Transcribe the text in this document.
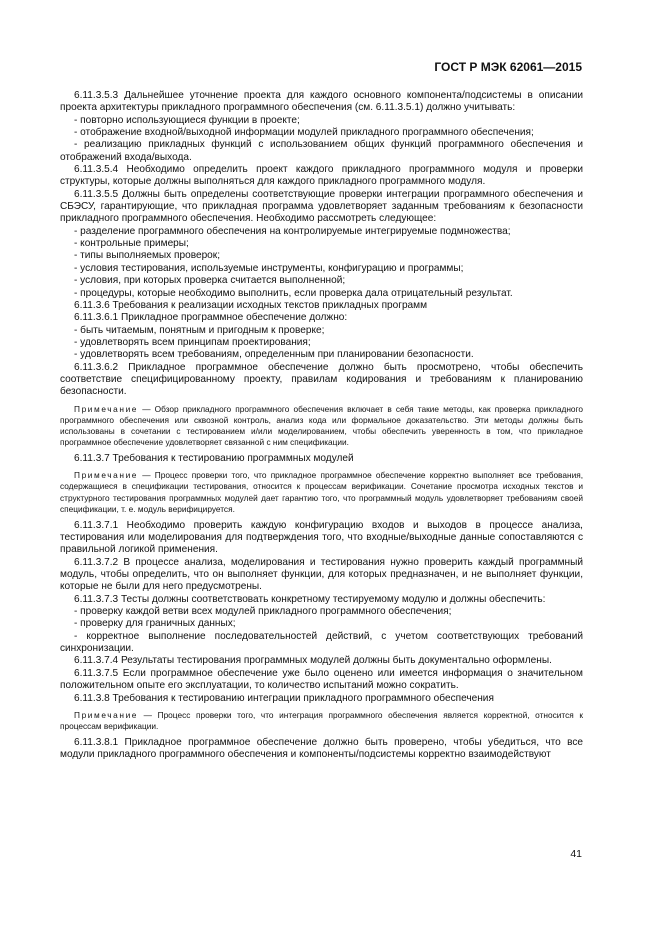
ГОСТ Р МЭК 62061—2015

6.11.3.5.3 Дальнейшее уточнение проекта для каждого основного компонента/подсистемы в описании проекта архитектуры прикладного программного обеспечения (см. 6.11.3.5.1) должно учитывать:

- повторно использующиеся функции в проекте;

- отображение входной/выходной информации модулей прикладного программного обеспечения;

- реализацию прикладных функций с использованием общих функций программного обеспечения и отображений входа/выхода.

6.11.3.5.4 Необходимо определить проект каждого прикладного программного модуля и проверки структуры, которые должны выполняться для каждого прикладного программного модуля.

6.11.3.5.5 Должны быть определены соответствующие проверки интеграции программного обеспечения и СБЭСУ, гарантирующие, что прикладная программа удовлетворяет заданным требованиям к безопасности прикладного программного обеспечения. Необходимо рассмотреть следующее:

- разделение программного обеспечения на контролируемые интегрируемые подмножества;

- контрольные примеры;

- типы выполняемых проверок;

- условия тестирования, используемые инструменты, конфигурацию и программы;

- условия, при которых проверка считается выполненной;

- процедуры, которые необходимо выполнить, если проверка дала отрицательный результат.

6.11.3.6 Требования к реализации исходных текстов прикладных программ

6.11.3.6.1 Прикладное программное обеспечение должно:

- быть читаемым, понятным и пригодным к проверке;

- удовлетворять всем принципам проектирования;

- удовлетворять всем требованиям, определенным при планировании безопасности.

6.11.3.6.2 Прикладное программное обеспечение должно быть просмотрено, чтобы обеспечить соответствие специфицированному проекту, правилам кодирования и требованиям к планированию безопасности.

Примечание — Обзор прикладного программного обеспечения включает в себя такие методы, как проверка прикладного программного обеспечения или сквозной контроль, анализ кода или формальное доказательство. Эти методы должны быть использованы в сочетании с тестированием и/или моделированием, чтобы обеспечить уверенность в том, что прикладное программное обеспечение удовлетворяет связанной с ним спецификации.

6.11.3.7 Требования к тестированию программных модулей

Примечание — Процесс проверки того, что прикладное программное обеспечение корректно выполняет все требования, содержащиеся в спецификации тестирования, относится к процессам верификации. Сочетание просмотра исходных текстов и структурного тестирования программных модулей дает гарантию того, что программный модуль удовлетворяет требованиям своей спецификации, т. е. модуль верифицируется.

6.11.3.7.1 Необходимо проверить каждую конфигурацию входов и выходов в процессе анализа, тестирования или моделирования для подтверждения того, что входные/выходные данные сопоставляются с правильной логикой применения.

6.11.3.7.2 В процессе анализа, моделирования и тестирования нужно проверить каждый программный модуль, чтобы определить, что он выполняет функции, для которых предназначен, и не выполняет функции, которые не были для него предусмотрены.

6.11.3.7.3 Тесты должны соответствовать конкретному тестируемому модулю и должны обеспечить:

- проверку каждой ветви всех модулей прикладного программного обеспечения;

- проверку для граничных данных;

- корректное выполнение последовательностей действий, с учетом соответствующих требований синхронизации.

6.11.3.7.4 Результаты тестирования программных модулей должны быть документально оформлены.

6.11.3.7.5 Если программное обеспечение уже было оценено или имеется информация о значительном положительном опыте его эксплуатации, то количество испытаний можно сократить.

6.11.3.8 Требования к тестированию интеграции прикладного программного обеспечения

Примечание — Процесс проверки того, что интеграция программного обеспечения является корректной, относится к процессам верификации.

6.11.3.8.1 Прикладное программное обеспечение должно быть проверено, чтобы убедиться, что все модули прикладного программного обеспечения и компоненты/подсистемы корректно взаимодействуют

41
